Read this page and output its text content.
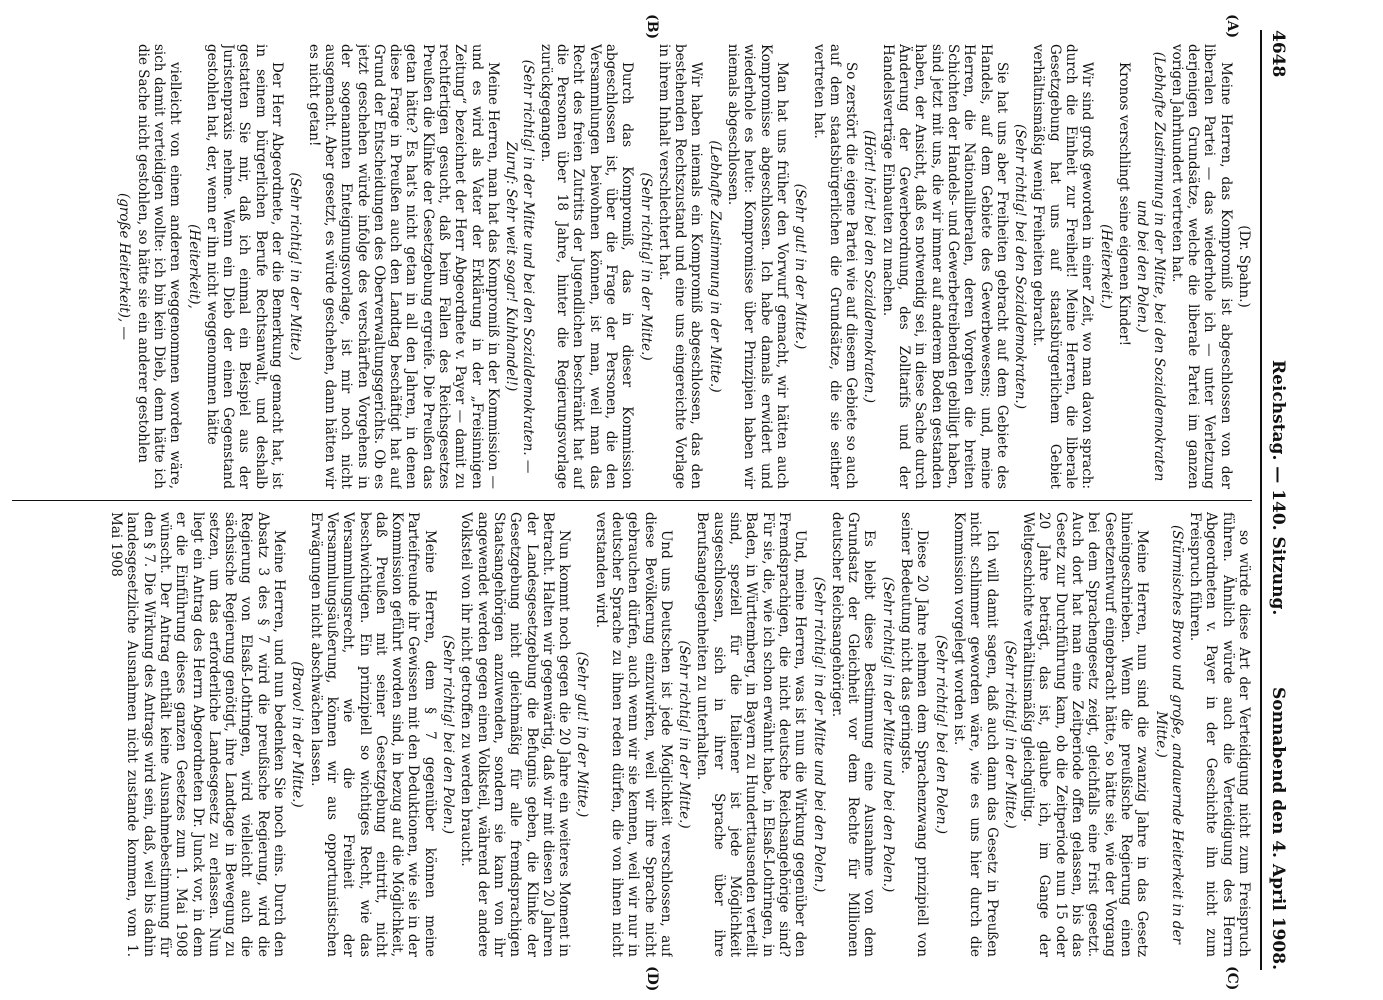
4648
Reichstag. — 140. Sitzung.
Sonnabend den 4. April 1908.
(A)
(B)
(C)
(D)

(Dr. Spahn.)

Meine Herren, das Kompromiß ist abgeschlossen von der liberalen Partei — das wiederhole ich — unter Verletzung derjenigen Grundsätze, welche die liberale Partei im ganzen vorigen Jahrhundert vertreten hat.

(Lebhafte Zustimmung in der Mitte, bei den Sozialdemokraten und bei den Polen.)

Kronos verschlingt seine eigenen Kinder!

(Heiterkeit.)

Wir sind groß geworden in einer Zeit, wo man davon sprach: durch die Einheit zur Freiheit! Meine Herren, die liberale Gesetzgebung hat uns auf staatsbürgerlichem Gebiet verhältnismäßig wenig Freiheiten gebracht.

(Sehr richtig! bei den Sozialdemokraten.)

Sie hat uns aber Freiheiten gebracht auf dem Gebiete des Handels, auf dem Gebiete des Gewerbewesens; und, meine Herren, die Nationalliberalen, deren Vorgehen die breiten Schichten der Handels- und Gewerbetreibenden gebilligt haben, sind jetzt mit uns, die wir immer auf anderem Boden gestanden haben, der Ansicht, daß es notwendig sei, in diese Sache durch Änderung der Gewerbeordnung, des Zolltarifs und der Handelsverträge Einbauten zu machen.

(Hört! hört! bei den Sozialdemokraten.)

So zerstört die eigene Partei wie auf diesem Gebiete so auch auf dem staatsbürgerlichen die Grundsätze, die sie seither vertreten hat.

(Sehr gut! in der Mitte.)

Man hat uns früher den Vorwurf gemacht, wir hätten auch Kompromisse abgeschlossen. Ich habe damals erwidert und wiederhole es heute: Kompromisse über Prinzipien haben wir niemals abgeschlossen.

(Lebhafte Zustimmung in der Mitte.)

Wir haben niemals ein Kompromiß abgeschlossen, das den bestehenden Rechtszustand und eine uns eingereichte Vorlage in ihrem Inhalt verschlechtert hat.

(Sehr richtig! in der Mitte.)

Durch das Kompromiß, das in dieser Kommission abgeschlossen ist, über die Frage der Personen, die den Versammlungen beiwohnen können, ist man, weil man das Recht des freien Zutritts der Jugendlichen beschränkt hat auf die Personen über 18 Jahre, hinter die Regierungsvorlage zurückgegangen.

(Sehr richtig! in der Mitte und bei den Sozialdemokraten. — Zuruf: Sehr weit sogar! Kuhhandel!)

Meine Herren, man hat das Kompromiß in der Kommission — und es wird als Vater der Erklärung in der „Freisinnigen Zeitung“ bezeichnet der Herr Abgeordnete v. Payer — damit zu rechtfertigen gesucht, daß beim Fallen des Reichsgesetzes Preußen die Klinke der Gesetzgebung ergreife. Die Preußen das getan hätte? Es hat's nicht getan in all den Jahren, in denen diese Frage in Preußen auch den Landtag beschäftigt hat auf Grund der Entscheidungen des Oberverwaltungsgerichts. Ob es jetzt geschehen würde infolge des verschärften Vorgehens in der sogenannten Enteignungsvorlage, ist mir noch nicht ausgemacht. Aber gesetzt, es würde geschehen, dann hätten wir es nicht getan!

(Sehr richtig! in der Mitte.)

Der Herr Abgeordnete, der die Bemerkung gemacht hat, ist in seinem bürgerlichen Berufe Rechtsanwalt, und deshalb gestatten Sie mir, daß ich einmal ein Beispiel aus der Juristenpraxis nehme. Wenn ein Dieb der einen Gegenstand gestohlen hat, der, wenn er ihn nicht weggenommen hätte

(Heiterkeit),

vielleicht von einem anderen weggenommen worden wäre, sich damit verteidigen wollte: ich bin kein Dieb, denn hätte ich die Sache nicht gestohlen, so hätte sie ein anderer gestohlen

(große Heiterkeit), —

so würde diese Art der Verteidigung nicht zum Freispruch führen. Ähnlich würde auch die Verteidigung des Herrn Abgeordneten v. Payer in der Geschichte ihn nicht zum Freispruch führen.

(Stürmisches Bravo und große, andauernde Heiterkeit in der Mitte.)

Meine Herren, nun sind die zwanzig Jahre in das Gesetz hineingeschrieben. Wenn die preußische Regierung einen Gesetzentwurf eingebracht hätte, so hätte sie, wie der Vorgang bei dem Sprachengesetz zeigt, gleichfalls eine Frist gesetzt. Auch dort hat man eine Zeitperiode offen gelassen, bis das Gesetz zur Durchführung kam, ob die Zeitperiode nun 15 oder 20 Jahre beträgt, das ist, glaube ich, im Gange der Weltgeschichte verhältnismäßig gleichgültig.

(Sehr richtig! in der Mitte.)

Ich will damit sagen, daß auch dann das Gesetz in Preußen nicht schlimmer geworden wäre, wie es uns hier durch die Kommission vorgelegt worden ist.

(Sehr richtig! bei den Polen.)

Diese 20 Jahre nehmen dem Sprachenzwang prinzipiell von seiner Bedeutung nicht das geringste.

(Sehr richtig! in der Mitte und bei den Polen.)

Es bleibt diese Bestimmung eine Ausnahme von dem Grundsatz der Gleichheit vor dem Rechte für Millionen deutscher Reichsangehöriger.

(Sehr richtig! in der Mitte und bei den Polen.)

Und, meine Herren, was ist nun die Wirkung gegenüber den Fremdsprachigen, die nicht deutsche Reichsangehörige sind? Für sie, die, wie ich schon erwähnt habe, in Elsaß-Lothringen, in Baden, in Württemberg, in Bayern zu Hunderttausenden verteilt sind, speziell für die Italiener ist jede Möglichkeit ausgeschlossen, sich in ihrer Sprache über ihre Berufsangelegenheiten zu unterhalten.

(Sehr richtig! in der Mitte.)

Und uns Deutschen ist jede Möglichkeit verschlossen, auf diese Bevölkerung einzuwirken, weil wir ihre Sprache nicht gebrauchen dürfen, auch wenn wir sie kennen, weil wir nur in deutscher Sprache zu ihnen reden dürfen, die von ihnen nicht verstanden wird.

(Sehr gut! in der Mitte.)

Nun kommt noch gegen die 20 Jahre ein weiteres Moment in Betracht. Halten wir gegenwärtig, daß wir mit diesen 20 Jahren der Landesgesetzgebung die Befugnis geben, die Klinke der Gesetzgebung nicht gleichmäßig für alle fremdsprachigen Staatsangehörigen anzuwenden, sondern sie kann von ihr angewendet werden gegen einen Volksteil, während der andere Volksteil von ihr nicht getroffen zu werden braucht.

(Sehr richtig! bei den Polen.)

Meine Herren, dem § 7 gegenüber können meine Parteifreunde ihr Gewissen mit den Deduktionen, wie sie in der Kommission geführt worden sind, in bezug auf die Möglichkeit, daß Preußen mit seiner Gesetzgebung eintritt, nicht beschwichtigen. Ein prinzipiell so wichtiges Recht, wie das Versammlungsrecht, wie die Freiheit der Versammlungsäußerung, können wir aus opportunistischen Erwägungen nicht abschwächen lassen.

(Bravo! in der Mitte.)

Meine Herren, und nun bedenken Sie noch eins. Durch den Absatz 3 des § 7 wird die preußische Regierung, wird die Regierung von Elsaß-Lothringen, wird vielleicht auch die sächsische Regierung genötigt, ihre Landtage in Bewegung zu setzen, um das erforderliche Landesgesetz zu erlassen. Nun liegt ein Antrag des Herrn Abgeordneten Dr. Junck vor, in dem er die Einführung dieses ganzen Gesetzes zum 1. Mai 1908 wünscht. Der Antrag enthält keine Ausnahmebestimmung für den § 7. Die Wirkung des Antrags wird sein, daß, weil bis dahin landesgesetzliche Ausnahmen nicht zustande kommen, vom 1. Mai 1908
